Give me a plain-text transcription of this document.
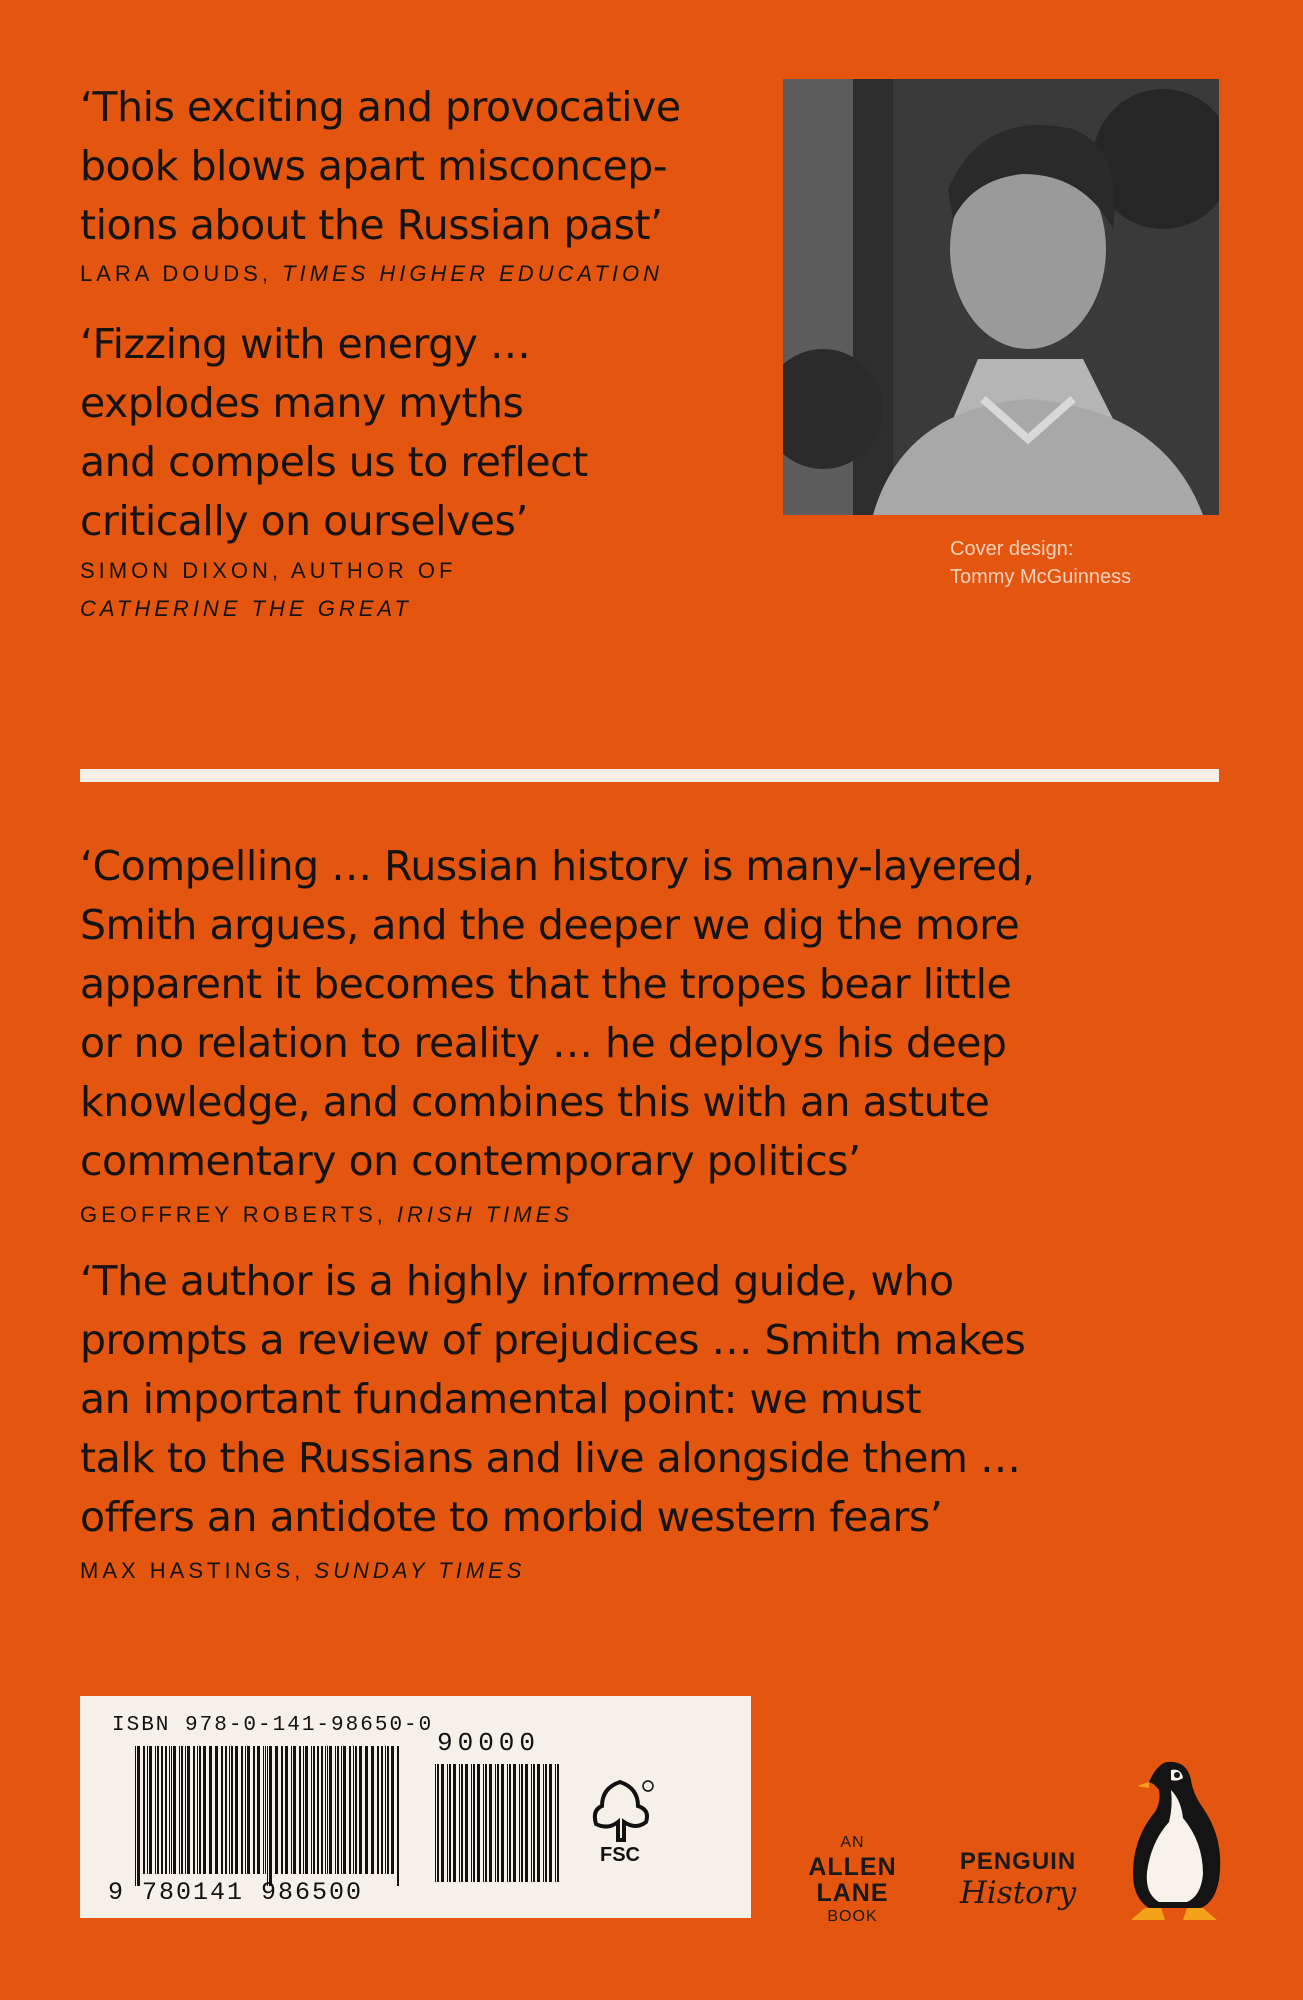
‘This exciting and provocative
book blows apart misconcep-
tions about the Russian past’

LARA DOUDS, TIMES HIGHER EDUCATION

‘Fizzing with energy …
explodes many myths
and compels us to reflect
critically on ourselves’

SIMON DIXON, AUTHOR OF
CATHERINE THE GREAT
Cover design:
Tommy McGuinness

‘Compelling … Russian history is many-layered,
Smith argues, and the deeper we dig the more
apparent it becomes that the tropes bear little
or no relation to reality … he deploys his deep
knowledge, and combines this with an astute
commentary on contemporary politics’

GEOFFREY ROBERTS, IRISH TIMES

‘The author is a highly informed guide, who
prompts a review of prejudices … Smith makes
an important fundamental point: we must
talk to the Russians and live alongside them …
offers an antidote to morbid western fears’

MAX HASTINGS, SUNDAY TIMES

ISBN 978-0-141-98650-0
9 780141 986500
90000
FSC
AN
ALLEN
LANE
BOOK
PENGUIN
History
